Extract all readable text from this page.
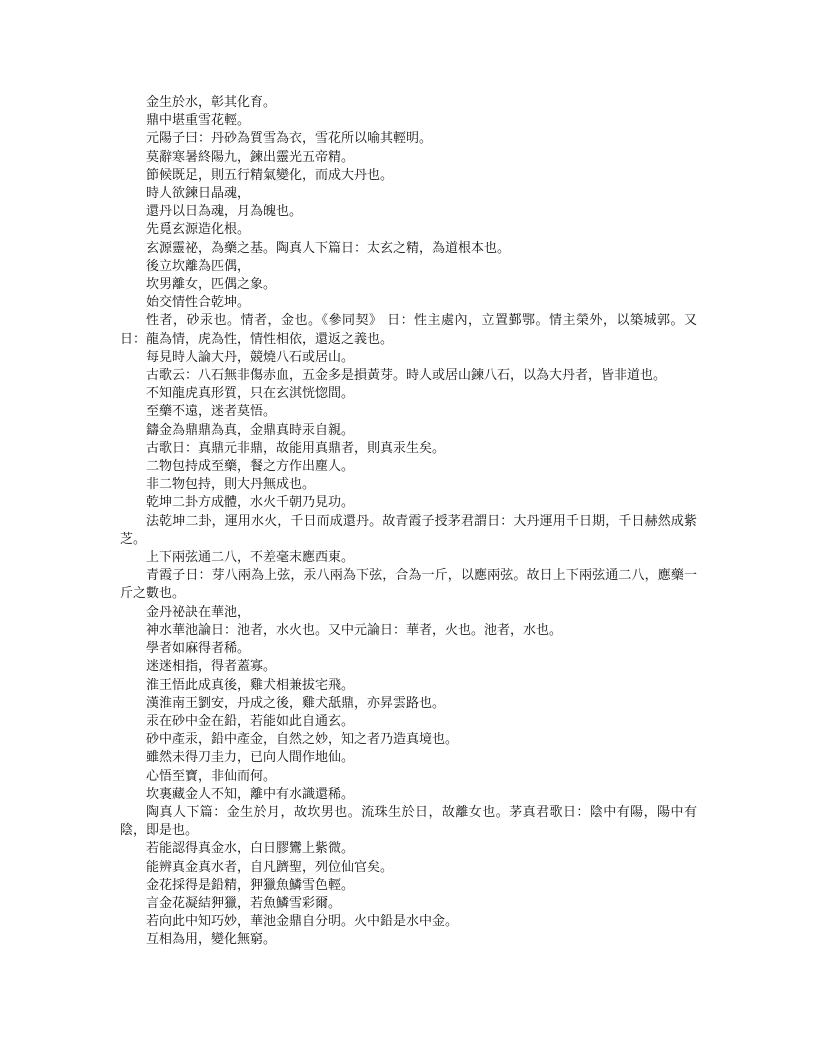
金生於水，彰其化育。

鼎中堪重雪花輕。

元陽子曰：丹砂為質雪為衣，雪花所以喻其輕明。

莫辭寒暑終陽九，鍊出靈光五帝精。

節候既足，則五行精氣變化，而成大丹也。

時人欲鍊日晶魂，

還丹以日為魂，月為魄也。

先覓玄源造化根。

玄源靈祕，為藥之基。陶真人下篇日：太玄之精，為道根本也。

後立坎離為匹偶，

坎男離女，匹偶之象。

始交情性合乾坤。

性者，砂汞也。情者，金也。《參同契》 日：性主處內，立置鄞鄂。情主榮外，以築城郭。又日：龍為情，虎為性，情性相依，還返之義也。

每見時人論大丹，競燒八石或居山。

古歌云：八石無非傷赤血，五金多是損黃芽。時人或居山鍊八石，以為大丹者，皆非道也。

不知龍虎真形質，只在玄淇恍惚間。

至藥不遠，迷者莫悟。

鑄金為鼎鼎為真，金鼎真時汞自親。

古歌日：真鼎元非鼎，故能用真鼎者，則真汞生矣。

二物包持成至藥，餐之方作出塵人。

非二物包持，則大丹無成也。

乾坤二卦方成體，水火千朝乃見功。

法乾坤二卦，運用水火，千日而成還丹。故青霞子授茅君謂日：大丹運用千日期，千日赫然成紫芝。

上下兩弦通二八，不差毫末應西東。

青霞子日：芽八兩為上弦，汞八兩為下弦，合為一斤，以應兩弦。故日上下兩弦通二八，應藥一斤之數也。

金丹祕訣在華池，

神水華池論日：池者，水火也。又中元論日：華者，火也。池者，水也。

學者如麻得者稀。

迷迷相指，得者蓋寡。

淮王悟此成真後，雞犬相兼拔宅飛。

漢淮南王劉安，丹成之後，雞犬舐鼎，亦昇雲路也。

汞在砂中金在鉛，若能如此自通玄。

砂中產汞，鉛中產金，自然之妙，知之者乃造真境也。

雖然未得刀圭力，已向人間作地仙。

心悟至寶，非仙而何。

坎裏藏金人不知，離中有水識還稀。

陶真人下篇：金生於月，故坎男也。流珠生於日，故離女也。茅真君歌日：陰中有陽，陽中有陰，即是也。

若能認得真金水，白日膠鸞上紫微。

能辨真金真水者，自凡躋聖，列位仙官矣。

金花採得是鉛精，狎獵魚鱗雪色輕。

言金花凝結狎獵，若魚鱗雪彩爾。

若向此中知巧妙，華池金鼎自分明。火中鉛是水中金。

互相為用，變化無窮。
